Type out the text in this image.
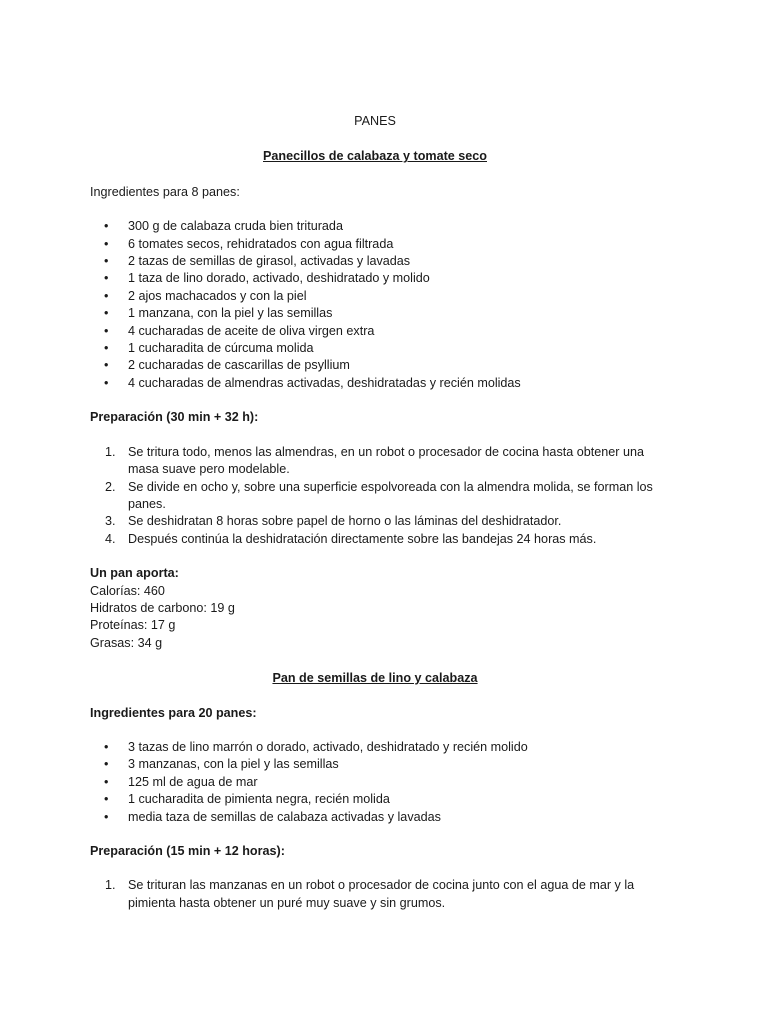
PANES

Panecillos de calabaza y tomate seco

Ingredientes para 8 panes:

• 300 g de calabaza cruda bien triturada
• 6 tomates secos, rehidratados con agua filtrada
• 2 tazas de semillas de girasol, activadas y lavadas
• 1 taza de lino dorado, activado, deshidratado y molido
• 2 ajos machacados y con la piel
• 1 manzana, con la piel y las semillas
• 4 cucharadas de aceite de oliva virgen extra
• 1 cucharadita de cúrcuma molida
• 2 cucharadas de cascarillas de psyllium
• 4 cucharadas de almendras activadas, deshidratadas y recién molidas

Preparación (30 min + 32 h):

1. Se tritura todo, menos las almendras, en un robot o procesador de cocina hasta obtener una masa suave pero modelable.
2. Se divide en ocho y, sobre una superficie espolvoreada con la almendra molida, se forman los panes.
3. Se deshidratan 8 horas sobre papel de horno o las láminas del deshidratador.
4. Después continúa la deshidratación directamente sobre las bandejas 24 horas más.

Un pan aporta:

Calorías: 460

Hidratos de carbono: 19 g

Proteínas: 17 g

Grasas: 34 g

Pan de semillas de lino y calabaza

Ingredientes para 20 panes:

• 3 tazas de lino marrón o dorado, activado, deshidratado y recién molido
• 3 manzanas, con la piel y las semillas
• 125 ml de agua de mar
• 1 cucharadita de pimienta negra, recién molida
• media taza de semillas de calabaza activadas y lavadas

Preparación (15 min + 12 horas):

1. Se trituran las manzanas en un robot o procesador de cocina junto con el agua de mar y la pimienta hasta obtener un puré muy suave y sin grumos.
